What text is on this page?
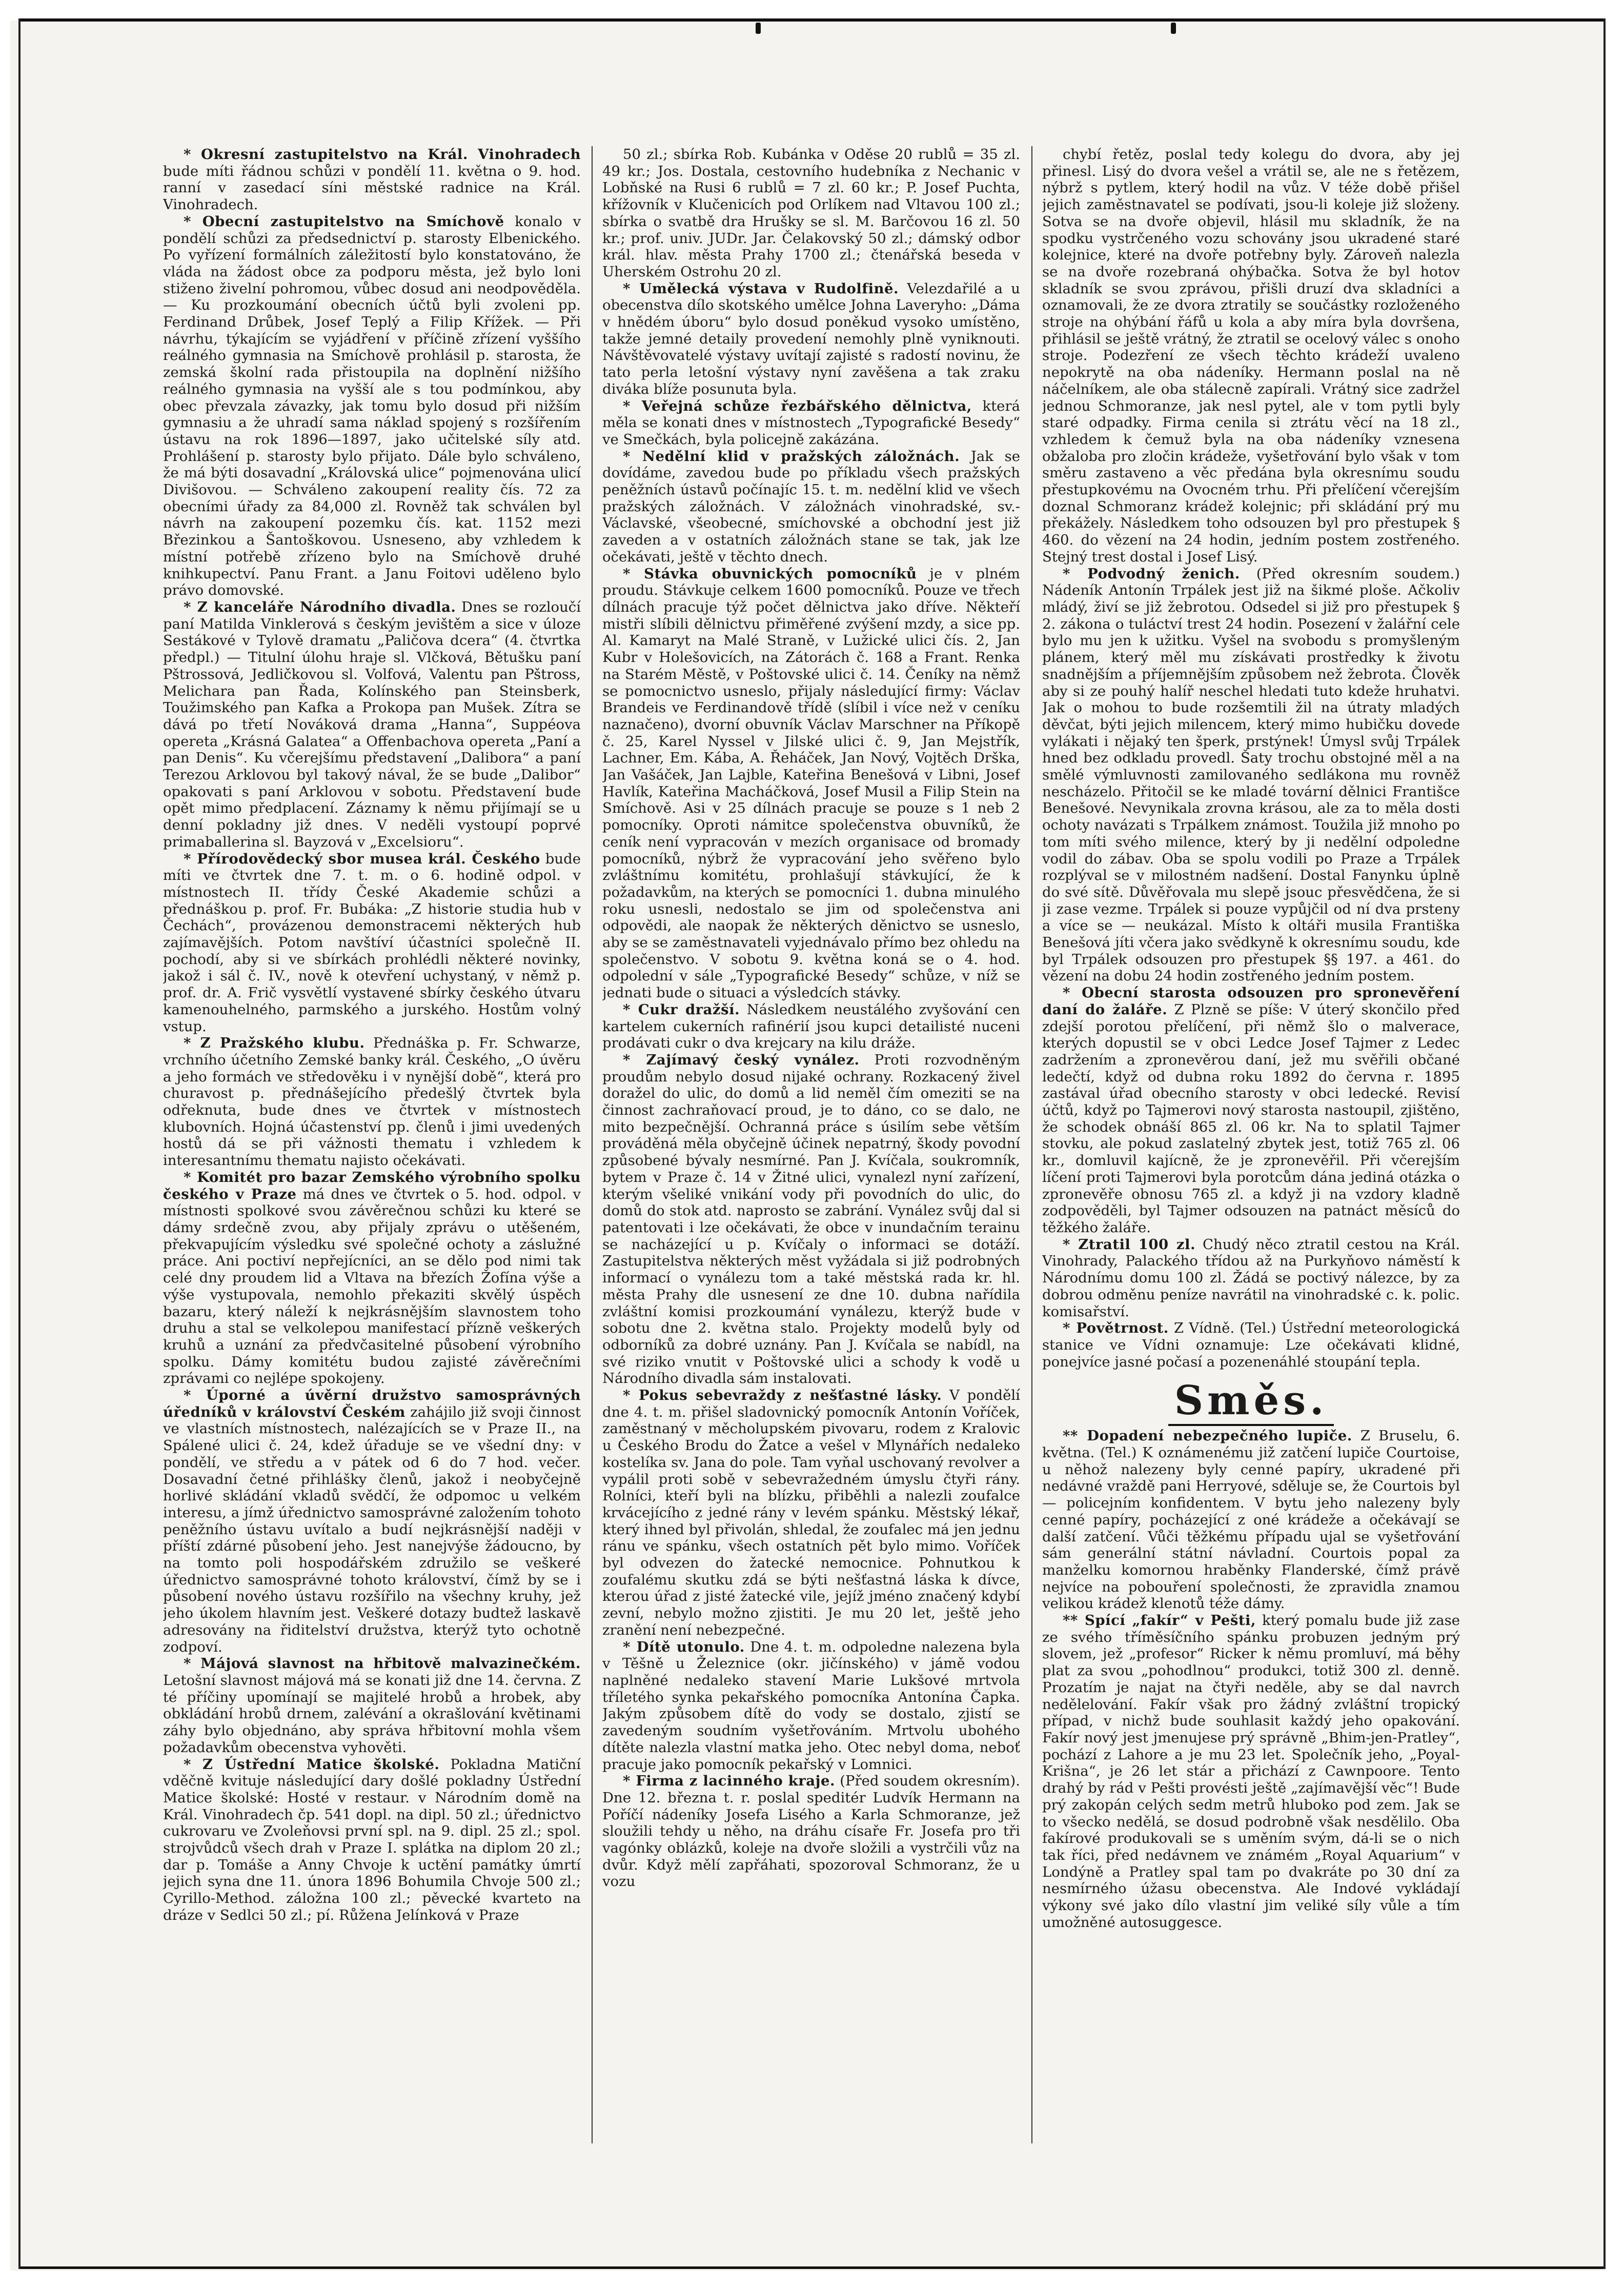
* Okresní zastupitelstvo na Král. Vinohradech bude míti řádnou schůzi v pondělí 11. května o 9. hod. ranní v zasedací síni městské radnice na Král. Vinohradech.

* Obecní zastupitelstvo na Smíchově konalo v pondělí schůzi za předsednictví p. starosty Elbenického. Po vyřízení formálních záležitostí bylo konstatováno, že vláda na žádost obce za podporu města, jež bylo loni stiženo živelní pohromou, vůbec dosud ani neodpověděla. — Ku prozkoumání obecních účtů byli zvoleni pp. Ferdinand Drůbek, Josef Teplý a Filip Křížek. — Při návrhu, týkajícím se vyjádření v příčině zřízení vyššího reálného gymnasia na Smíchově prohlásil p. starosta, že zemská školní rada přistoupila na doplnění nižšího reálného gymnasia na vyšší ale s tou podmínkou, aby obec převzala závazky, jak tomu bylo dosud při nižším gymnasiu a že uhradí sama náklad spojený s rozšířením ústavu na rok 1896—1897, jako učitelské síly atd. Prohlášení p. starosty bylo přijato. Dále bylo schváleno, že má býti dosavadní „Královská ulice“ pojmenována ulicí Divišovou. — Schváleno zakoupení reality čís. 72 za obecními úřady za 84,000 zl. Rovněž tak schválen byl návrh na zakoupení pozemku čís. kat. 1152 mezi Březinkou a Šantoškovou. Usneseno, aby vzhledem k místní potřebě zřízeno bylo na Smíchově druhé knihkupectví. Panu Frant. a Janu Foitovi uděleno bylo právo domovské.

* Z kanceláře Národního divadla. Dnes se rozloučí paní Matilda Vinklerová s českým jevištěm a sice v úloze Sestákové v Tylově dramatu „Paličova dcera“ (4. čtvrtka předpl.) — Titulní úlohu hraje sl. Vlčková, Bětušku paní Pštrossová, Jedličkovou sl. Volfová, Valentu pan Pštross, Melichara pan Řada, Kolínského pan Steinsberk, Toužimského pan Kafka a Prokopa pan Mušek. Zítra se dává po třetí Nováková drama „Hanna“, Suppéova opereta „Krásná Galatea“ a Offenbachova opereta „Paní a pan Denis“. Ku včerejšímu představení „Dalibora“ a paní Terezou Arklovou byl takový nával, že se bude „Dalibor“ opakovati s paní Arklovou v sobotu. Představení bude opět mimo předplacení. Záznamy k němu přijímají se u denní pokladny již dnes. V neděli vystoupí poprvé primaballerina sl. Bayzová v „Excelsioru“.

* Přírodovědecký sbor musea král. Českého bude míti ve čtvrtek dne 7. t. m. o 6. hodině odpol. v místnostech II. třídy České Akademie schůzi a přednáškou p. prof. Fr. Bubáka: „Z historie studia hub v Čechách“, provázenou demonstracemi některých hub zajímavějších. Potom navštíví účastníci společně II. pochodí, aby si ve sbírkách prohlédli některé novinky, jakož i sál č. IV., nově k otevření uchystaný, v němž p. prof. dr. A. Frič vysvětlí vystavené sbírky českého útvaru kamenouhelného, parmského a jurského. Hostům volný vstup.

* Z Pražského klubu. Přednáška p. Fr. Schwarze, vrchního účetního Zemské banky král. Českého, „O úvěru a jeho formách ve středověku i v nynější době“, která pro churavost p. přednášejícího předešlý čtvrtek byla odřeknuta, bude dnes ve čtvrtek v místnostech klubovních. Hojná účastenství pp. členů i jimi uvedených hostů dá se při vážnosti thematu i vzhledem k interesantnímu thematu najisto očekávati.

* Komitét pro bazar Zemského výrobního spolku českého v Praze má dnes ve čtvrtek o 5. hod. odpol. v místnosti spolkové svou závěrečnou schůzi ku které se dámy srdečně zvou, aby přijaly zprávu o utěšeném, překvapujícím výsledku své společné ochoty a záslužné práce. Ani poctiví nepřejícníci, an se dělo pod nimi tak celé dny proudem lid a Vltava na březích Žofína výše a výše vystupovala, nemohlo překaziti skvělý úspěch bazaru, který náleží k nejkrásnějším slavnostem toho druhu a stal se velkolepou manifestací přízně veškerých kruhů a uznání za předvčasitelné působení výrobního spolku. Dámy komitétu budou zajisté závěrečními zprávami co nejlépe spokojeny.

* Úporné a úvěrní družstvo samosprávných úředníků v království Českém zahájilo již svoji činnost ve vlastních místnostech, nalézajících se v Praze II., na Spálené ulici č. 24, kdež úřaduje se ve všední dny: v pondělí, ve středu a v pátek od 6 do 7 hod. večer. Dosavadní četné přihlášky členů, jakož i neobyčejně horlivé skládání vkladů svědčí, že odpomoc u velkém interesu, a jímž úřednictvo samosprávné založením tohoto peněžního ústavu uvítalo a budí nejkrásnější naději v příští zdárné působení jeho. Jest nanejvýše žádoucno, by na tomto poli hospodářském združilo se veškeré úřednictvo samosprávné tohoto království, čímž by se i působení nového ústavu rozšířilo na všechny kruhy, jež jeho úkolem hlavním jest. Veškeré dotazy budtež laskavě adresovány na řiditelství družstva, kterýž tyto ochotně zodpoví.

* Májová slavnost na hřbitově malvazinečkém. Letošní slavnost májová má se konati již dne 14. června. Z té příčiny upomínají se majitelé hrobů a hrobek, aby obkládání hrobů drnem, zalévání a okrašlování květinami záhy bylo objednáno, aby správa hřbitovní mohla všem požadavkům obecenstva vyhověti.

* Z Ústřední Matice školské. Pokladna Matiční vděčně kvituje následující dary došlé pokladny Ústřední Matice školské: Hosté v restaur. v Národním domě na Král. Vinohradech čp. 541 dopl. na dipl. 50 zl.; úřednictvo cukrovaru ve Zvoleňovsi první spl. na 9. dipl. 25 zl.; spol. strojvůdců všech drah v Praze I. splátka na diplom 20 zl.; dar p. Tomáše a Anny Chvoje k uctění památky úmrtí jejich syna dne 11. února 1896 Bohumila Chvoje 500 zl.; Cyrillo-Method. záložna 100 zl.; pěvecké kvarteto na dráze v Sedlci 50 zl.; pí. Růžena Jelínková v Praze

50 zl.; sbírka Rob. Kubánka v Oděse 20 rublů = 35 zl. 49 kr.; Jos. Dostala, cestovního hudebníka z Nechanic v Lobňské na Rusi 6 rublů = 7 zl. 60 kr.; P. Josef Puchta, křížovník v Klučenicích pod Orlíkem nad Vltavou 100 zl.; sbírka o svatbě dra Hrušky se sl. M. Barčovou 16 zl. 50 kr.; prof. univ. JUDr. Jar. Čelakovský 50 zl.; dámský odbor král. hlav. města Prahy 1700 zl.; čtenářská beseda v Uherském Ostrohu 20 zl.

* Umělecká výstava v Rudolfině. Velezdařilé a u obecenstva dílo skotského umělce Johna Laveryho: „Dáma v hnědém úboru“ bylo dosud poněkud vysoko umístěno, takže jemné detaily provedení nemohly plně vyniknouti. Návštěvovatelé výstavy uvítají zajisté s radostí novinu, že tato perla letošní výstavy nyní zavěšena a tak zraku diváka blíže posunuta byla.

* Veřejná schůze řezbářského dělnictva, která měla se konati dnes v místnostech „Typografické Besedy“ ve Smečkách, byla policejně zakázána.

* Nedělní klid v pražských záložnách. Jak se dovídáme, zavedou bude po příkladu všech pražských peněžních ústavů počínajíc 15. t. m. nedělní klid ve všech pražských záložnách. V záložnách vinohradské, sv.-Václavské, všeobecné, smíchovské a obchodní jest již zaveden a v ostatních záložnách stane se tak, jak lze očekávati, ještě v těchto dnech.

* Stávka obuvnických pomocníků je v plném proudu. Stávkuje celkem 1600 pomocníků. Pouze ve třech dílnách pracuje týž počet dělnictva jako dříve. Někteří mistři slíbili dělnictvu přiměřené zvýšení mzdy, a sice pp. Al. Kamaryt na Malé Straně, v Lužické ulici čís. 2, Jan Kubr v Holešovicích, na Zátorách č. 168 a Frant. Renka na Starém Městě, v Poštovské ulici č. 14. Čeníky na němž se pomocnictvo usneslo, přijaly následující firmy: Václav Brandeis ve Ferdinandově třídě (slíbil i více než v ceníku naznačeno), dvorní obuvník Václav Marschner na Příkopě č. 25, Karel Nyssel v Jilské ulici č. 9, Jan Mejstřík, Lachner, Em. Kába, A. Řeháček, Jan Nový, Vojtěch Drška, Jan Vašáček, Jan Lajble, Kateřina Benešová v Libni, Josef Havlík, Kateřina Macháčková, Josef Musil a Filip Stein na Smíchově. Asi v 25 dílnách pracuje se pouze s 1 neb 2 pomocníky. Oproti námitce společenstva obuvníků, že ceník není vypracován v mezích organisace od bromady pomocníků, nýbrž že vypracování jeho svěřeno bylo zvláštnímu komitétu, prohlašují stávkující, že k požadavkům, na kterých se pomocníci 1. dubna minulého roku usnesli, nedostalo se jim od společenstva ani odpovědi, ale naopak že některých děnictvo se usneslo, aby se se zaměstnavateli vyjednávalo přímo bez ohledu na společenstvo. V sobotu 9. května koná se o 4. hod. odpolední v sále „Typografické Besedy“ schůze, v níž se jednati bude o situaci a výsledcích stávky.

* Cukr dražší. Následkem neustálého zvyšování cen kartelem cukerních rafinérií jsou kupci detailisté nuceni prodávati cukr o dva krejcary na kilu dráže.

* Zajímavý český vynález. Proti rozvodněným proudům nebylo dosud nijaké ochrany. Rozkacený živel doražel do ulic, do domů a lid neměl čím omeziti se na činnost zachraňovací proud, je to dáno, co se dalo, ne mito bezpečnější. Ochranná práce s úsilím sebe větším prováděná měla obyčejně účinek nepatrný, škody povodní způsobené bývaly nesmírné. Pan J. Kvíčala, soukromník, bytem v Praze č. 14 v Žitné ulici, vynalezl nyní zařízení, kterým všeliké vnikání vody při povodních do ulic, do domů do stok atd. naprosto se zabrání. Vynález svůj dal si patentovati i lze očekávati, že obce v inundačním terainu se nacházející u p. Kvíčaly o informaci se dotáží. Zastupitelstva některých měst vyžádala si již podrobných informací o vynálezu tom a také městská rada kr. hl. města Prahy dle usnesení ze dne 10. dubna nařídila zvláštní komisi prozkoumání vynálezu, kterýž bude v sobotu dne 2. května stalo. Projekty modelů byly od odborníků za dobré uznány. Pan J. Kvíčala se nabídl, na své riziko vnutit v Poštovské ulici a schody k vodě u Národního divadla sám instalovati.

* Pokus sebevraždy z nešťastné lásky. V pondělí dne 4. t. m. přišel sladovnický pomocník Antonín Voříček, zaměstnaný v měcholupském pivovaru, rodem z Kralovic u Českého Brodu do Žatce a vešel v Mlynářích nedaleko kostelíka sv. Jana do pole. Tam vyňal uschovaný revolver a vypálil proti sobě v sebevražedném úmyslu čtyři rány. Rolníci, kteří byli na blízku, přiběhli a nalezli zoufalce krvácejícího z jedné rány v levém spánku. Městský lékař, který ihned byl přivolán, shledal, že zoufalec má jen jednu ránu ve spánku, všech ostatních pět bylo mimo. Voříček byl odvezen do žatecké nemocnice. Pohnutkou k zoufalému skutku zdá se býti nešťastná láska k dívce, kterou úřad z jisté žatecké vile, jejíž jméno značený kdybí zevní, nebylo možno zjistiti. Je mu 20 let, ještě jeho zranění není nebezpečné.

* Dítě utonulo. Dne 4. t. m. odpoledne nalezena byla v Těšně u Železnice (okr. jičínského) v jámě vodou naplněné nedaleko stavení Marie Lukšové mrtvola tříletého synka pekařského pomocníka Antonína Čapka. Jakým způsobem dítě do vody se dostalo, zjistí se zavedeným soudním vyšetřováním. Mrtvolu ubohého dítěte nalezla vlastní matka jeho. Otec nebyl doma, neboť pracuje jako pomocník pekařský v Lomnici.

* Firma z lacinného kraje. (Před soudem okresním). Dne 12. března t. r. poslal speditér Ludvík Hermann na Poříčí nádeníky Josefa Lisého a Karla Schmoranze, jež sloužili tehdy u něho, na dráhu císaře Fr. Josefa pro tři vagónky oblázků, koleje na dvoře složili a vystrčili vůz na dvůr. Když mělí zapřáhati, spozoroval Schmoranz, že u vozu

chybí řetěz, poslal tedy kolegu do dvora, aby jej přinesl. Lisý do dvora vešel a vrátil se, ale ne s řetězem, nýbrž s pytlem, který hodil na vůz. V téže době přišel jejich zaměstnavatel se podívati, jsou-li koleje již složeny. Sotva se na dvoře objevil, hlásil mu skladník, že na spodku vystrčeného vozu schovány jsou ukradené staré kolejnice, které na dvoře potřebny byly. Zároveň nalezla se na dvoře rozebraná ohýbačka. Sotva že byl hotov skladník se svou zprávou, přišli druzí dva skladníci a oznamovali, že ze dvora ztratily se součástky rozloženého stroje na ohýbání řáfů u kola a aby míra byla dovršena, přihlásil se ještě vrátný, že ztratil se ocelový válec s onoho stroje. Podezření ze všech těchto krádeží uvaleno nepokrytě na oba nádeníky. Hermann poslal na ně náčelníkem, ale oba stálecně zapírali. Vrátný sice zadržel jednou Schmoranze, jak nesl pytel, ale v tom pytli byly staré odpadky. Firma cenila si ztrátu věcí na 18 zl., vzhledem k čemuž byla na oba nádeníky vznesena obžaloba pro zločin krádeže, vyšetřování bylo však v tom směru zastaveno a věc předána byla okresnímu soudu přestupkovému na Ovocném trhu. Při přelíčení včerejším doznal Schmoranz krádež kolejnic; při skládání prý mu překážely. Následkem toho odsouzen byl pro přestupek § 460. do vězení na 24 hodin, jedním postem zostřeného. Stejný trest dostal i Josef Lisý.

* Podvodný ženich. (Před okresním soudem.) Nádeník Antonín Trpálek jest již na šikmé ploše. Ačkoliv mládý, živí se již žebrotou. Odsedel si již pro přestupek § 2. zákona o tuláctví trest 24 hodin. Posezení v žalářní cele bylo mu jen k užitku. Vyšel na svobodu s promyšleným plánem, který měl mu získávati prostředky k životu snadnějším a příjemnějším způsobem než žebrota. Člověk aby si ze pouhý halíř neschel hledati tuto kdeže hruhatvi. Jak o mohou to bude rozšemtili žil na útraty mladých děvčat, býti jejich milencem, který mimo hubičku dovede vylákati i nějaký ten šperk, prstýnek! Úmysl svůj Trpálek hned bez odkladu provedl. Šaty trochu obstojné měl a na smělé výmluvnosti zamilovaného sedlákona mu rovněž nescházelo. Přitočil se ke mladé tovární dělnici Františce Benešové. Nevynikala zrovna krásou, ale za to měla dosti ochoty navázati s Trpálkem známost. Toužila již mnoho po tom míti svého milence, který by ji nedělní odpoledne vodil do zábav. Oba se spolu vodili po Praze a Trpálek rozplýval se v milostném nadšení. Dostal Fanynku úplně do své sítě. Důvěřovala mu slepě jsouc přesvědčena, že si ji zase vezme. Trpálek si pouze vypůjčil od ní dva prsteny a více se — neukázal. Místo k oltáři musila Františka Benešová jíti včera jako svědkyně k okresnímu soudu, kde byl Trpálek odsouzen pro přestupek §§ 197. a 461. do vězení na dobu 24 hodin zostřeného jedním postem.

* Obecní starosta odsouzen pro spronevěření daní do žaláře. Z Plzně se píše: V úterý skončilo před zdejší porotou přelíčení, při němž šlo o malverace, kterých dopustil se v obci Ledce Josef Tajmer z Ledec zadržením a zpronevěrou daní, jež mu svěřili občané ledečtí, když od dubna roku 1892 do června r. 1895 zastával úřad obecního starosty v obci ledecké. Revisí účtů, když po Tajmerovi nový starosta nastoupil, zjištěno, že schodek obnáší 865 zl. 06 kr. Na to splatil Tajmer stovku, ale pokud zaslatelný zbytek jest, totiž 765 zl. 06 kr., domluvil kajícně, že je zpronevěřil. Při včerejším líčení proti Tajmerovi byla porotcům dána jediná otázka o zpronevěře obnosu 765 zl. a když ji na vzdory kladně zodpověděli, byl Tajmer odsouzen na patnáct měsíců do těžkého žaláře.

* Ztratil 100 zl. Chudý něco ztratil cestou na Král. Vinohrady, Palackého třídou až na Purkyňovo náměstí k Národnímu domu 100 zl. Žádá se poctivý nálezce, by za dobrou odměnu peníze navrátil na vinohradské c. k. polic. komisařství.

* Povětrnost. Z Vídně. (Tel.) Ústřední meteorologická stanice ve Vídni oznamuje: Lze očekávati klidné, ponejvíce jasné počasí a pozenenáhlé stoupání tepla.

Směs.

** Dopadení nebezpečného lupiče. Z Bruselu, 6. května. (Tel.) K oznámenému již zatčení lupiče Courtoise, u něhož nalezeny byly cenné papíry, ukradené při nedávné vraždě pani Herryové, sděluje se, že Courtois byl — policejním konfidentem. V bytu jeho nalezeny byly cenné papíry, pocházející z oné krádeže a očekávají se další zatčení. Vůči těžkému případu ujal se vyšetřování sám generální státní návladní. Courtois popal za manželku komornou hraběnky Flanderské, čímž právě nejvíce na pobouření společnosti, že zpravidla znamou velikou krádež klenotů téže dámy.

** Spící „fakír“ v Pešti, který pomalu bude již zase ze svého tříměsíčního spánku probuzen jedným prý slovem, jež „profesor“ Ricker k němu promluví, má běhy plat za svou „pohodlnou“ produkci, totiž 300 zl. denně. Prozatím je najat na čtyři neděle, aby se dal navrch nedělelování. Fakír však pro žádný zvláštní tropický případ, v nichž bude souhlasit každý jeho opakování. Fakír nový jest jmenujese prý správně „Bhim-jen-Pratley“, pochází z Lahore a je mu 23 let. Společník jeho, „Poyal-Krišna“, je 26 let stár a přichází z Cawnpoore. Tento drahý by rád v Pešti provésti ještě „zajímavější věc“! Bude prý zakopán celých sedm metrů hluboko pod zem. Jak se to všecko nedělá, se dosud podrobně však nesdělilo. Oba fakírové produkovali se s uměním svým, dá-li se o nich tak říci, před nedávnem ve známém „Royal Aquarium“ v Londýně a Pratley spal tam po dvakráte po 30 dní za nesmírného úžasu obecenstva. Ale Indové vykládají výkony své jako dílo vlastní jim veliké síly vůle a tím umožněné autosuggesce.
